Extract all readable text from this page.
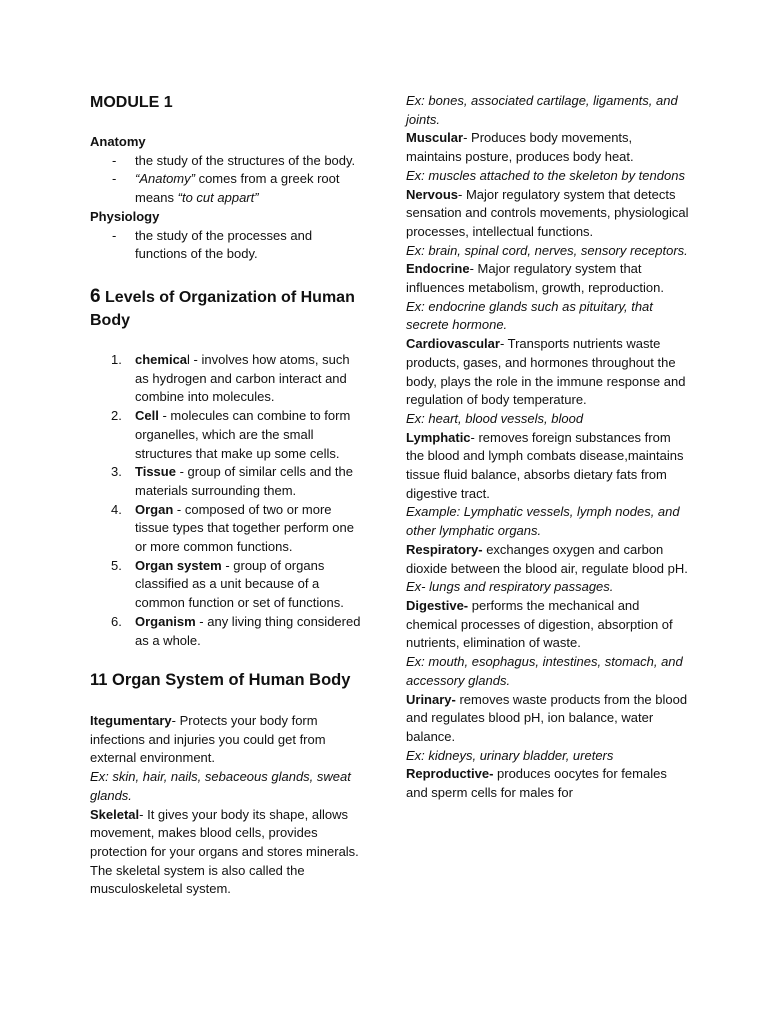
MODULE 1
Anatomy
- the study of the structures of the body.
- “Anatomy” comes from a greek root means “to cut appart”
Physiology
- the study of the processes and functions of the body.
6 Levels of Organization of Human Body
1. chemical - involves how atoms, such as hydrogen and carbon interact and combine into molecules.
2. Cell - molecules can combine to form organelles, which are the small structures that make up some cells.
3. Tissue - group of similar cells and the materials surrounding them.
4. Organ - composed of two or more tissue types that together perform one or more common functions.
5. Organ system - group of organs classified as a unit because of a common function or set of functions.
6. Organism - any living thing considered as a whole.
11 Organ System of Human Body

Itegumentary- Protects your body form infections and injuries you could get from external environment.

Ex: skin, hair, nails, sebaceous glands, sweat glands.

Skeletal- It gives your body its shape, allows movement, makes blood cells, provides protection for your organs and stores minerals. The skeletal system is also called the musculoskeletal system.

Ex: bones, associated cartilage, ligaments, and joints.

Muscular- Produces body movements, maintains posture, produces body heat.

Ex: muscles attached to the skeleton by tendons

Nervous- Major regulatory system that detects sensation and controls movements, physiological processes, intellectual functions.

Ex: brain, spinal cord, nerves, sensory receptors.

Endocrine- Major regulatory system that influences metabolism, growth, reproduction.

Ex: endocrine glands such as pituitary, that secrete hormone.

Cardiovascular- Transports nutrients waste products, gases, and hormones throughout the body, plays the role in the immune response and regulation of body temperature.

Ex: heart, blood vessels, blood

Lymphatic- removes foreign substances from the blood and lymph combats disease,maintains tissue fluid balance, absorbs dietary fats from digestive tract.

Example: Lymphatic vessels, lymph nodes, and other lymphatic organs.

Respiratory- exchanges oxygen and carbon dioxide between the blood air, regulate blood pH.

Ex- lungs and respiratory passages.

Digestive- performs the mechanical and chemical processes of digestion, absorption of nutrients, elimination of waste.

Ex: mouth, esophagus, intestines, stomach, and accessory glands.

Urinary- removes waste products from the blood and regulates blood pH, ion balance, water balance.

Ex: kidneys, urinary bladder, ureters

Reproductive- produces oocytes for females and sperm cells for males for
